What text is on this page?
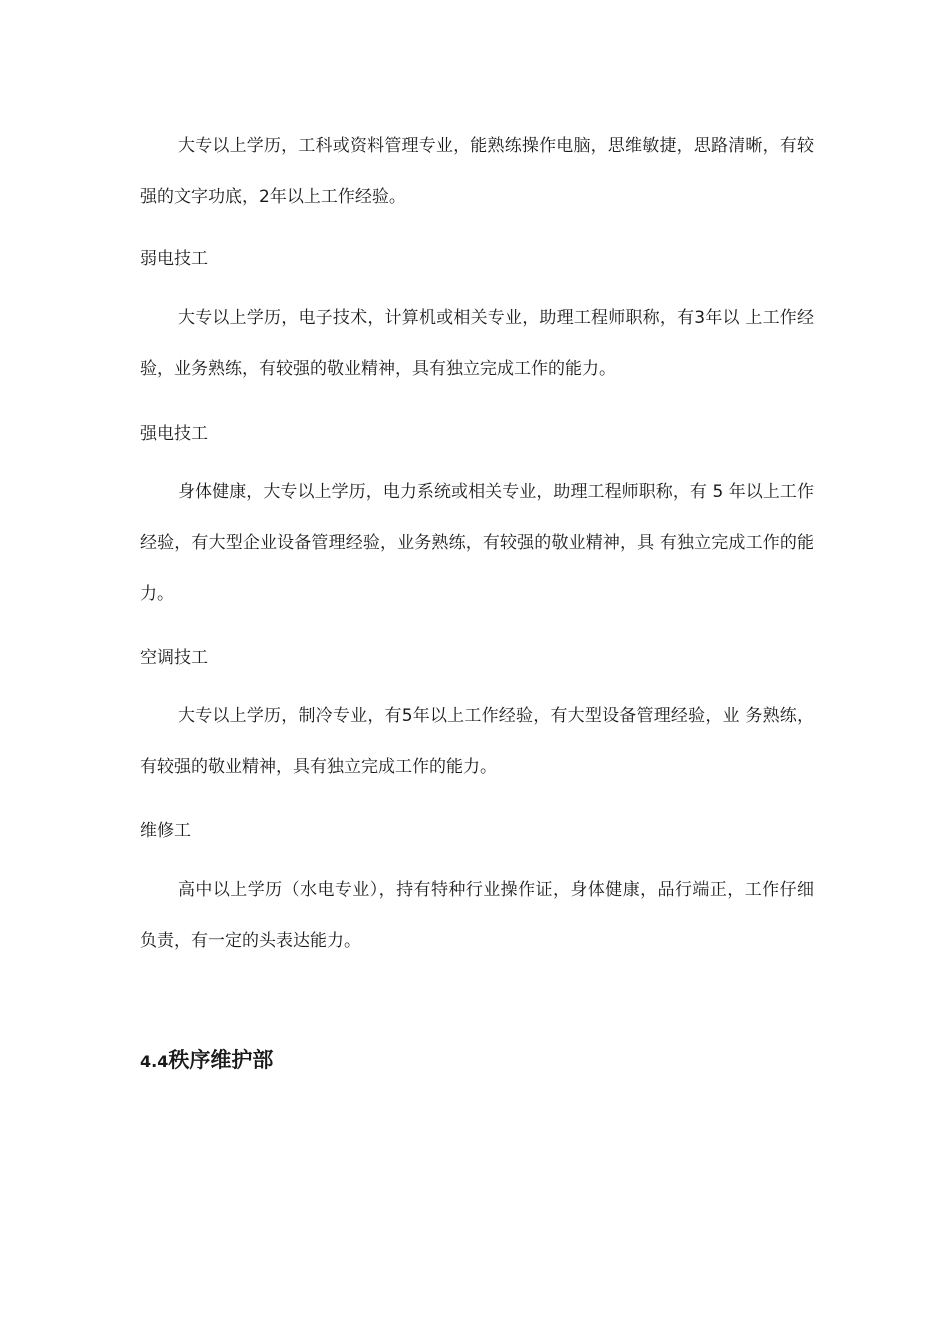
大专以上学历，工科或资料管理专业，能熟练操作电脑，思维敏捷，思路清晰，有较强的文字功底，2年以上工作经验。

弱电技工

大专以上学历，电子技术，计算机或相关专业，助理工程师职称，有3年以 上工作经验，业务熟练，有较强的敬业精神，具有独立完成工作的能力。

强电技工

身体健康，大专以上学历，电力系统或相关专业，助理工程师职称，有 5 年以上工作经验，有大型企业设备管理经验，业务熟练，有较强的敬业精神，具 有独立完成工作的能力。

空调技工

大专以上学历，制冷专业，有5年以上工作经验，有大型设备管理经验，业 务熟练，有较强的敬业精神，具有独立完成工作的能力。

维修工

高中以上学历（水电专业），持有特种行业操作证，身体健康，品行端正，工作仔细负责，有一定的头表达能力。

4.4秩序维护部
